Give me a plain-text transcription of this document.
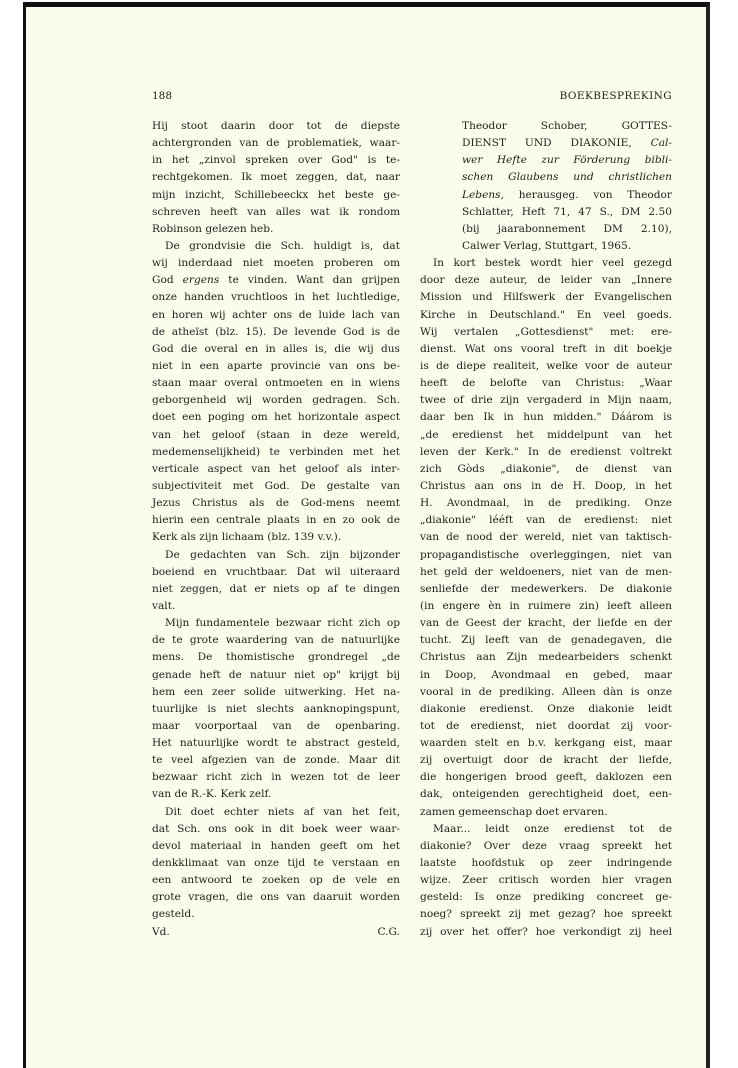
188	BOEKBESPREKING
Hij stoot daarin door tot de diepste
achtergronden van de problematiek, waar-
in het „zinvol spreken over God" is te-
rechtgekomen. Ik moet zeggen, dat, naar
mijn inzicht, Schillebeeckx het beste ge-
schreven heeft van alles wat ik rondom
Robinson gelezen heb.
De grondvisie die Sch. huldigt is, dat
wij inderdaad niet moeten proberen om
God ergens te vinden. Want dan grijpen
onze handen vruchtloos in het luchtledige,
en horen wij achter ons de luide lach van
de atheïst (blz. 15). De levende God is de
God die overal en in alles is, die wij dus
niet in een aparte provincie van ons be-
staan maar overal ontmoeten en in wiens
geborgenheid wij worden gedragen. Sch.
doet een poging om het horizontale aspect
van het geloof (staan in deze wereld,
medemenselijkheid) te verbinden met het
verticale aspect van het geloof als inter-
subjectiviteit met God. De gestalte van
Jezus Christus als de God-mens neemt
hierin een centrale plaats in en zo ook de
Kerk als zijn lichaam (blz. 139 v.v.).
De gedachten van Sch. zijn bijzonder
boeiend en vruchtbaar. Dat wil uiteraard
niet zeggen, dat er niets op af te dingen
valt.
Mijn fundamentele bezwaar richt zich op
de te grote waardering van de natuurlijke
mens. De thomistische grondregel „de
genade heft de natuur niet op" krijgt bij
hem een zeer solide uitwerking. Het na-
tuurlijke is niet slechts aanknopingspunt,
maar voorportaal van de openbaring.
Het natuurlijke wordt te abstract gesteld,
te veel afgezien van de zonde. Maar dit
bezwaar richt zich in wezen tot de leer
van de R.-K. Kerk zelf.
Dit doet echter niets af van het feit,
dat Sch. ons ook in dit boek weer waar-
devol materiaal in handen geeft om het
denkklimaat van onze tijd te verstaan en
een antwoord te zoeken op de vele en
grote vragen, die ons van daaruit worden
gesteld.
Vd.	C.G.
Theodor Schober, GOTTES-
DIENST UND DIAKONIE, Cal-
wer Hefte zur Förderung bibli-
schen Glaubens und christlichen
Lebens, herausgeg. von Theodor
Schlatter, Heft 71, 47 S., DM 2.50
(bij jaarabonnement DM 2.10),
Calwer Verlag, Stuttgart, 1965.
In kort bestek wordt hier veel gezegd
door deze auteur, de leider van „Innere
Mission und Hilfswerk der Evangelischen
Kirche in Deutschland." En veel goeds.
Wij vertalen „Gottesdienst" met: ere-
dienst. Wat ons vooral treft in dit boekje
is de diepe realiteit, welke voor de auteur
heeft de belofte van Christus: „Waar
twee of drie zijn vergaderd in Mijn naam,
daar ben Ik in hun midden." Dáárom is
„de eredienst het middelpunt van het
leven der Kerk." In de eredienst voltrekt
zich Gòds „diakonie", de dienst van
Christus aan ons in de H. Doop, in het
H. Avondmaal, in de prediking. Onze
„diakonie" lééft van de eredienst: niet
van de nood der wereld, niet van taktisch-
propagandistische overleggingen, niet van
het geld der weldoeners, niet van de men-
senliefde der medewerkers. De diakonie
(in engere èn in ruimere zin) leeft alleen
van de Geest der kracht, der liefde en der
tucht. Zij leeft van de genadegaven, die
Christus aan Zijn medearbeiders schenkt
in Doop, Avondmaal en gebed, maar
vooral in de prediking. Alleen dàn is onze
diakonie eredienst. Onze diakonie leidt
tot de eredienst, niet doordat zij voor-
waarden stelt en b.v. kerkgang eist, maar
zij overtuigt door de kracht der liefde,
die hongerigen brood geeft, daklozen een
dak, onteigenden gerechtigheid doet, een-
zamen gemeenschap doet ervaren.
Maar... leidt onze eredienst tot de
diakonie? Over deze vraag spreekt het
laatste hoofdstuk op zeer indringende
wijze. Zeer critisch worden hier vragen
gesteld: Is onze prediking concreet ge-
noeg? spreekt zij met gezag? hoe spreekt
zij over het offer? hoe verkondigt zij heel
